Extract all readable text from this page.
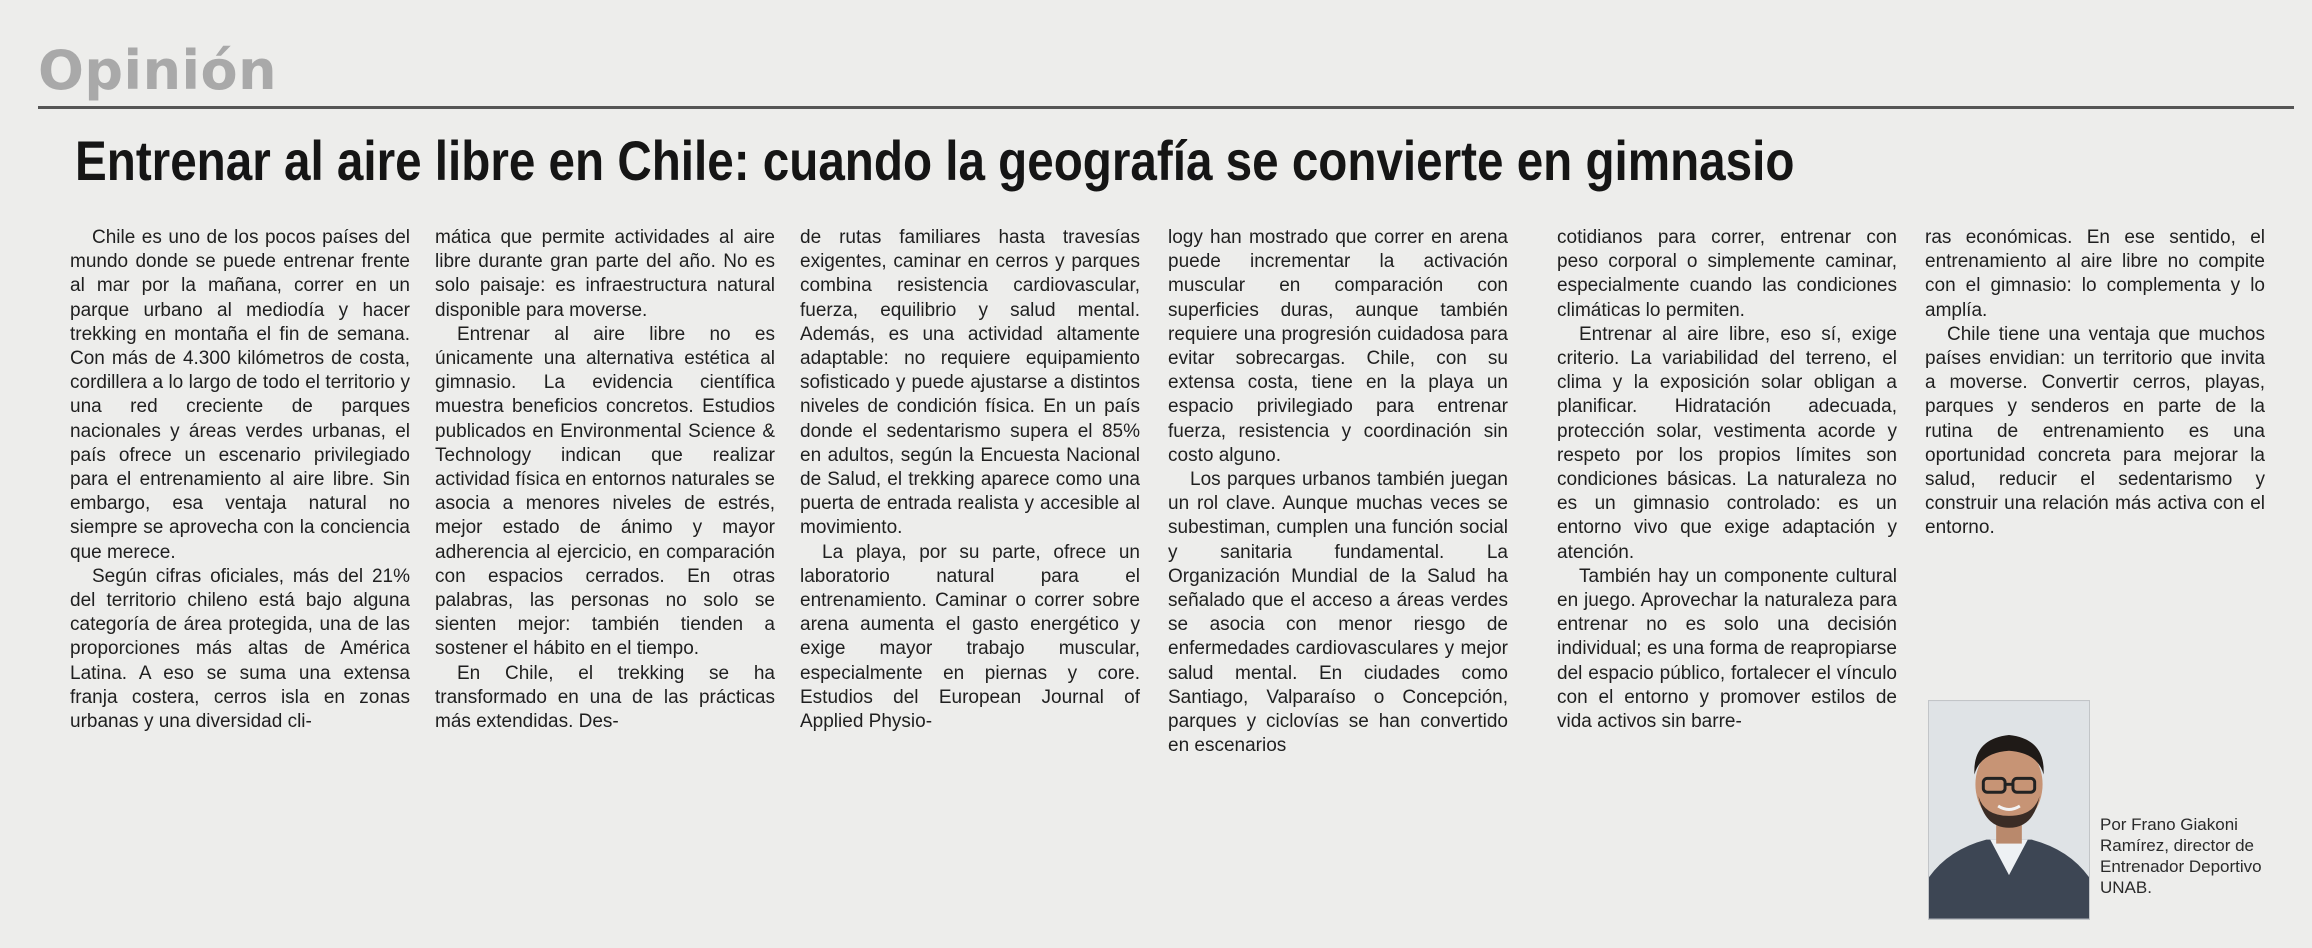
Opinión
Entrenar al aire libre en Chile: cuando la geografía se convierte en gimnasio

Chile es uno de los pocos países del mundo donde se puede entrenar frente al mar por la mañana, correr en un parque urbano al mediodía y hacer trekking en montaña el fin de semana. Con más de 4.300 kilómetros de costa, cordillera a lo largo de todo el territorio y una red creciente de parques nacionales y áreas verdes urbanas, el país ofrece un escenario privilegiado para el entrenamiento al aire libre. Sin embargo, esa ventaja natural no siempre se aprovecha con la conciencia que merece.

Según cifras oficiales, más del 21% del territorio chileno está bajo alguna categoría de área protegida, una de las proporciones más altas de América Latina. A eso se suma una extensa franja costera, cerros isla en zonas urbanas y una diversidad cli-

mática que permite actividades al aire libre durante gran parte del año. No es solo paisaje: es infraestructura natural disponible para moverse.

Entrenar al aire libre no es únicamente una alternativa estética al gimnasio. La evidencia científica muestra beneficios concretos. Estudios publicados en Environmental Science & Technology indican que realizar actividad física en entornos naturales se asocia a menores niveles de estrés, mejor estado de ánimo y mayor adherencia al ejercicio, en comparación con espacios cerrados. En otras palabras, las personas no solo se sienten mejor: también tienden a sostener el hábito en el tiempo.

En Chile, el trekking se ha transformado en una de las prácticas más extendidas. Des-

de rutas familiares hasta travesías exigentes, caminar en cerros y parques combina resistencia cardiovascular, fuerza, equilibrio y salud mental. Además, es una actividad altamente adaptable: no requiere equipamiento sofisticado y puede ajustarse a distintos niveles de condición física. En un país donde el sedentarismo supera el 85% en adultos, según la Encuesta Nacional de Salud, el trekking aparece como una puerta de entrada realista y accesible al movimiento.

La playa, por su parte, ofrece un laboratorio natural para el entrenamiento. Caminar o correr sobre arena aumenta el gasto energético y exige mayor trabajo muscular, especialmente en piernas y core. Estudios del European Journal of Applied Physio-

logy han mostrado que correr en arena puede incrementar la activación muscular en comparación con superficies duras, aunque también requiere una progresión cuidadosa para evitar sobrecargas. Chile, con su extensa costa, tiene en la playa un espacio privilegiado para entrenar fuerza, resistencia y coordinación sin costo alguno.

Los parques urbanos también juegan un rol clave. Aunque muchas veces se subestiman, cumplen una función social y sanitaria fundamental. La Organización Mundial de la Salud ha señalado que el acceso a áreas verdes se asocia con menor riesgo de enfermedades cardiovasculares y mejor salud mental. En ciudades como Santiago, Valparaíso o Concepción, parques y ciclovías se han convertido en escenarios

cotidianos para correr, entrenar con peso corporal o simplemente caminar, especialmente cuando las condiciones climáticas lo permiten.

Entrenar al aire libre, eso sí, exige criterio. La variabilidad del terreno, el clima y la exposición solar obligan a planificar. Hidratación adecuada, protección solar, vestimenta acorde y respeto por los propios límites son condiciones básicas. La naturaleza no es un gimnasio controlado: es un entorno vivo que exige adaptación y atención.

También hay un componente cultural en juego. Aprovechar la naturaleza para entrenar no es solo una decisión individual; es una forma de reapropiarse del espacio público, fortalecer el vínculo con el entorno y promover estilos de vida activos sin barre-

ras económicas. En ese sentido, el entrenamiento al aire libre no compite con el gimnasio: lo complementa y lo amplía.

Chile tiene una ventaja que muchos países envidian: un territorio que invita a moverse. Convertir cerros, playas, parques y senderos en parte de la rutina de entrenamiento es una oportunidad concreta para mejorar la salud, reducir el sedentarismo y construir una relación más activa con el entorno.

Por Frano Giakoni Ramírez, director de Entrenador Deportivo UNAB.
